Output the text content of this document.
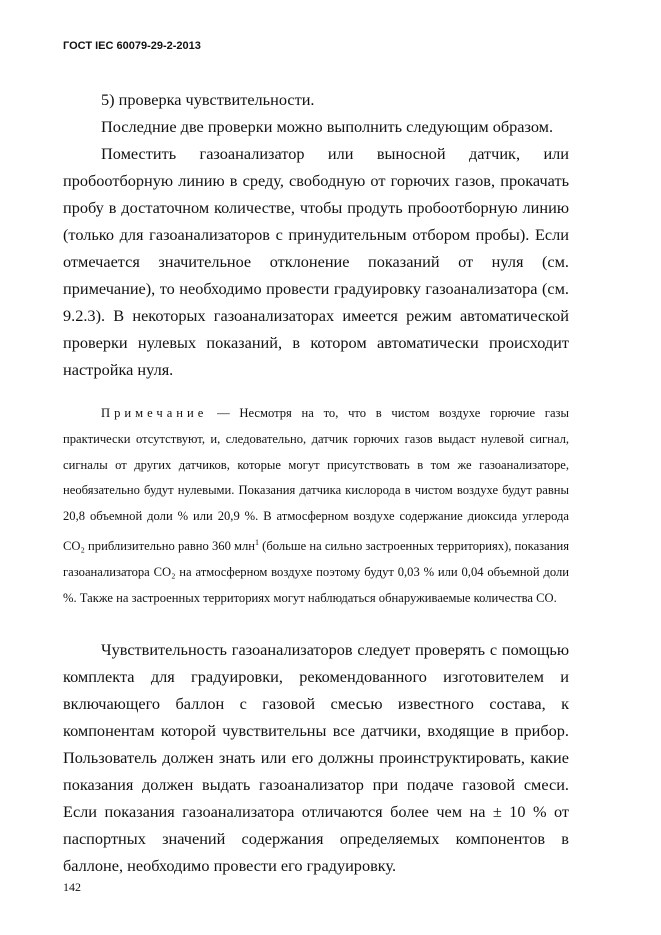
ГОСТ IEC 60079-29-2-2013

5) проверка чувствительности.

Последние две проверки можно выполнить следующим образом.

Поместить газоанализатор или выносной датчик, или пробоотборную линию в среду, свободную от горючих газов, прокачать пробу в достаточном количестве, чтобы продуть пробоотборную линию (только для газоанализаторов с принудительным отбором пробы). Если отмечается значительное отклонение показаний от нуля (см. примечание), то необходимо провести градуировку газоанализатора (см. 9.2.3). В некоторых газоанализаторах имеется режим автоматической проверки нулевых показаний, в котором автоматически происходит настройка нуля.

Примечание — Несмотря на то, что в чистом воздухе горючие газы практически отсутствуют, и, следовательно, датчик горючих газов выдаст нулевой сигнал, сигналы от других датчиков, которые могут присутствовать в том же газоанализаторе, необязательно будут нулевыми. Показания датчика кислорода в чистом воздухе будут равны 20,8 объемной доли % или 20,9 %. В атмосферном воздухе содержание диоксида углерода CO₂ приблизительно равно 360 млн$^1$ (больше на сильно застроенных территориях), показания газоанализатора CO₂ на атмосферном воздухе поэтому будут 0,03 % или 0,04 объемной доли %. Также на застроенных территориях могут наблюдаться обнаруживаемые количества CO.

Чувствительность газоанализаторов следует проверять с помощью комплекта для градуировки, рекомендованного изготовителем и включающего баллон с газовой смесью известного состава, к компонентам которой чувствительны все датчики, входящие в прибор. Пользователь должен знать или его должны проинструктировать, какие показания должен выдать газоанализатор при подаче газовой смеси. Если показания газоанализатора отличаются более чем на ± 10 % от паспортных значений содержания определяемых компонентов в баллоне, необходимо провести его градуировку.

142
